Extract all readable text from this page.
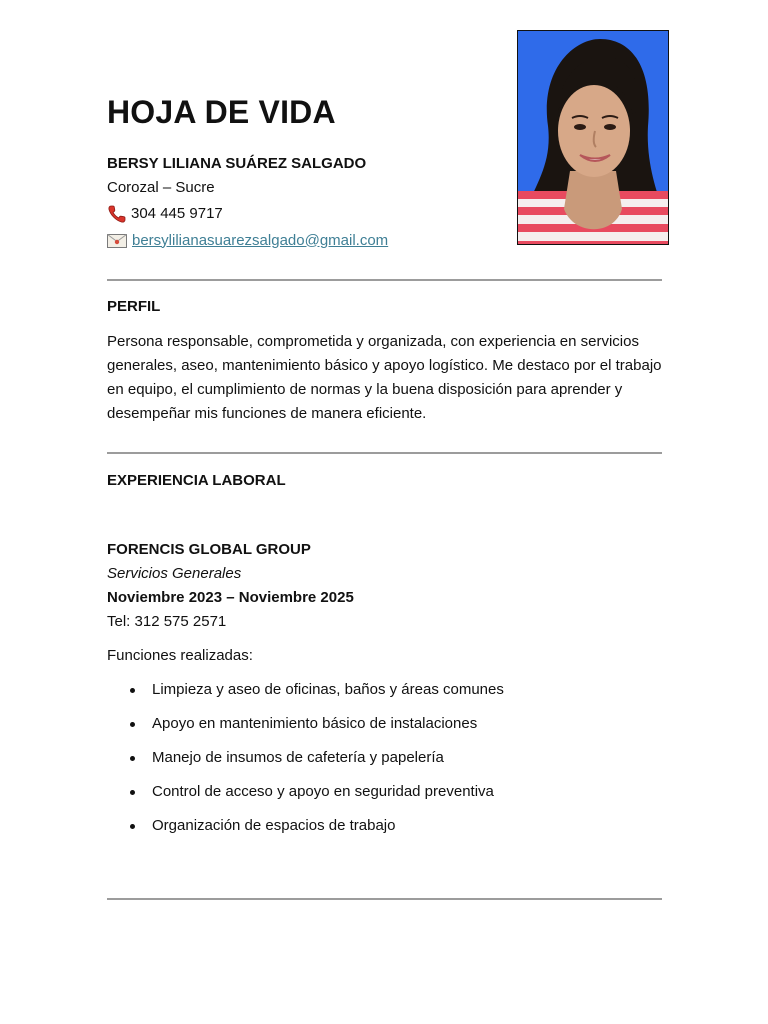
HOJA DE VIDA
BERSY LILIANA SUÁREZ SALGADO
Corozal – Sucre
304 445 9717
bersylilianasuarezsalgado@gmail.com
PERFIL

Persona responsable, comprometida y organizada, con experiencia en servicios generales, aseo, mantenimiento básico y apoyo logístico. Me destaco por el trabajo en equipo, el cumplimiento de normas y la buena disposición para aprender y desempeñar mis funciones de manera eficiente.

EXPERIENCIA LABORAL
FORENCIS GLOBAL GROUP
Servicios Generales
Noviembre 2023 – Noviembre 2025
Tel: 312 575 2571
Funciones realizadas:
Limpieza y aseo de oficinas, baños y áreas comunes
Apoyo en mantenimiento básico de instalaciones
Manejo de insumos de cafetería y papelería
Control de acceso y apoyo en seguridad preventiva
Organización de espacios de trabajo
